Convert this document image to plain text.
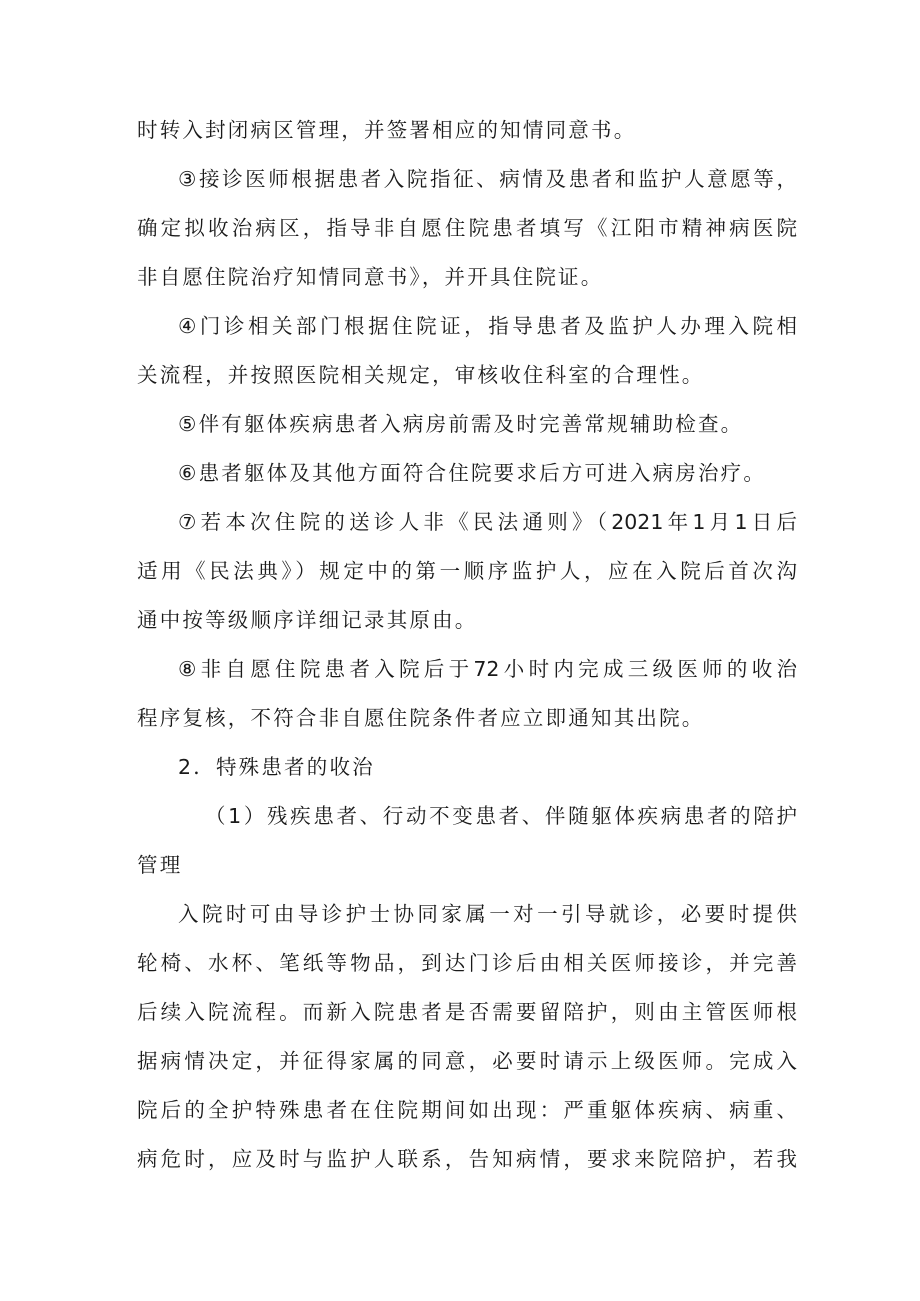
时转入封闭病区管理，并签署相应的知情同意书。

③接诊医师根据患者入院指征、病情及患者和监护人意愿等，

确定拟收治病区，指导非自愿住院患者填写《江阳市精神病医院

非自愿住院治疗知情同意书》，并开具住院证。

④门诊相关部门根据住院证，指导患者及监护人办理入院相

关流程，并按照医院相关规定，审核收住科室的合理性。

⑤伴有躯体疾病患者入病房前需及时完善常规辅助检查。

⑥患者躯体及其他方面符合住院要求后方可进入病房治疗。

⑦若本次住院的送诊人非《民法通则》（2021年1月1日后

适用《民法典》）规定中的第一顺序监护人，应在入院后首次沟

通中按等级顺序详细记录其原由。

⑧非自愿住院患者入院后于72小时内完成三级医师的收治

程序复核，不符合非自愿住院条件者应立即通知其出院。

2．特殊患者的收治

（1）残疾患者、行动不变患者、伴随躯体疾病患者的陪护

管理

入院时可由导诊护士协同家属一对一引导就诊，必要时提供

轮椅、水杯、笔纸等物品，到达门诊后由相关医师接诊，并完善

后续入院流程。而新入院患者是否需要留陪护，则由主管医师根

据病情决定，并征得家属的同意，必要时请示上级医师。完成入

院后的全护特殊患者在住院期间如出现：严重躯体疾病、病重、

病危时，应及时与监护人联系，告知病情，要求来院陪护，若我
